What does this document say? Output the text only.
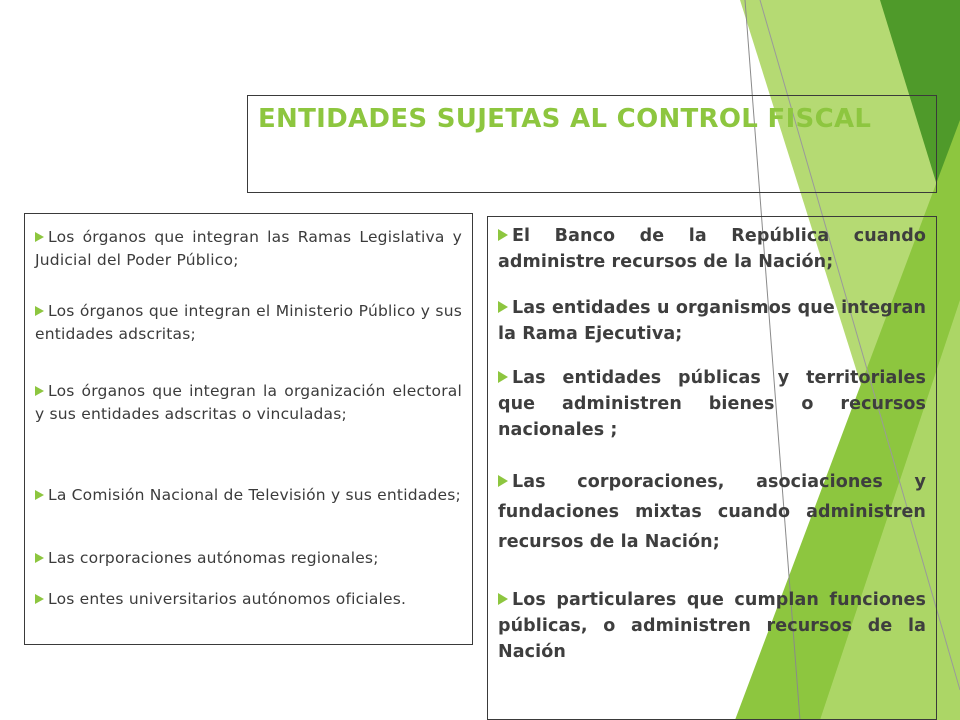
ENTIDADES SUJETAS AL CONTROL FISCAL

Los órganos que integran las Ramas Legislativa y Judicial del Poder Público;

Los órganos que integran el Ministerio Público y sus entidades adscritas;

Los órganos que integran la organización electoral y sus entidades adscritas o vinculadas;

La Comisión Nacional de Televisión y sus entidades;

Las corporaciones autónomas regionales;

Los entes universitarios autónomos oficiales.

El Banco de la República cuando administre recursos de la Nación;

Las entidades u organismos que integran la Rama Ejecutiva;

Las entidades públicas y territoriales que administren bienes o recursos nacionales ;

Las corporaciones, asociaciones y fundaciones mixtas cuando administren recursos de la Nación;

Los particulares que cumplan funciones públicas, o administren recursos de la Nación
